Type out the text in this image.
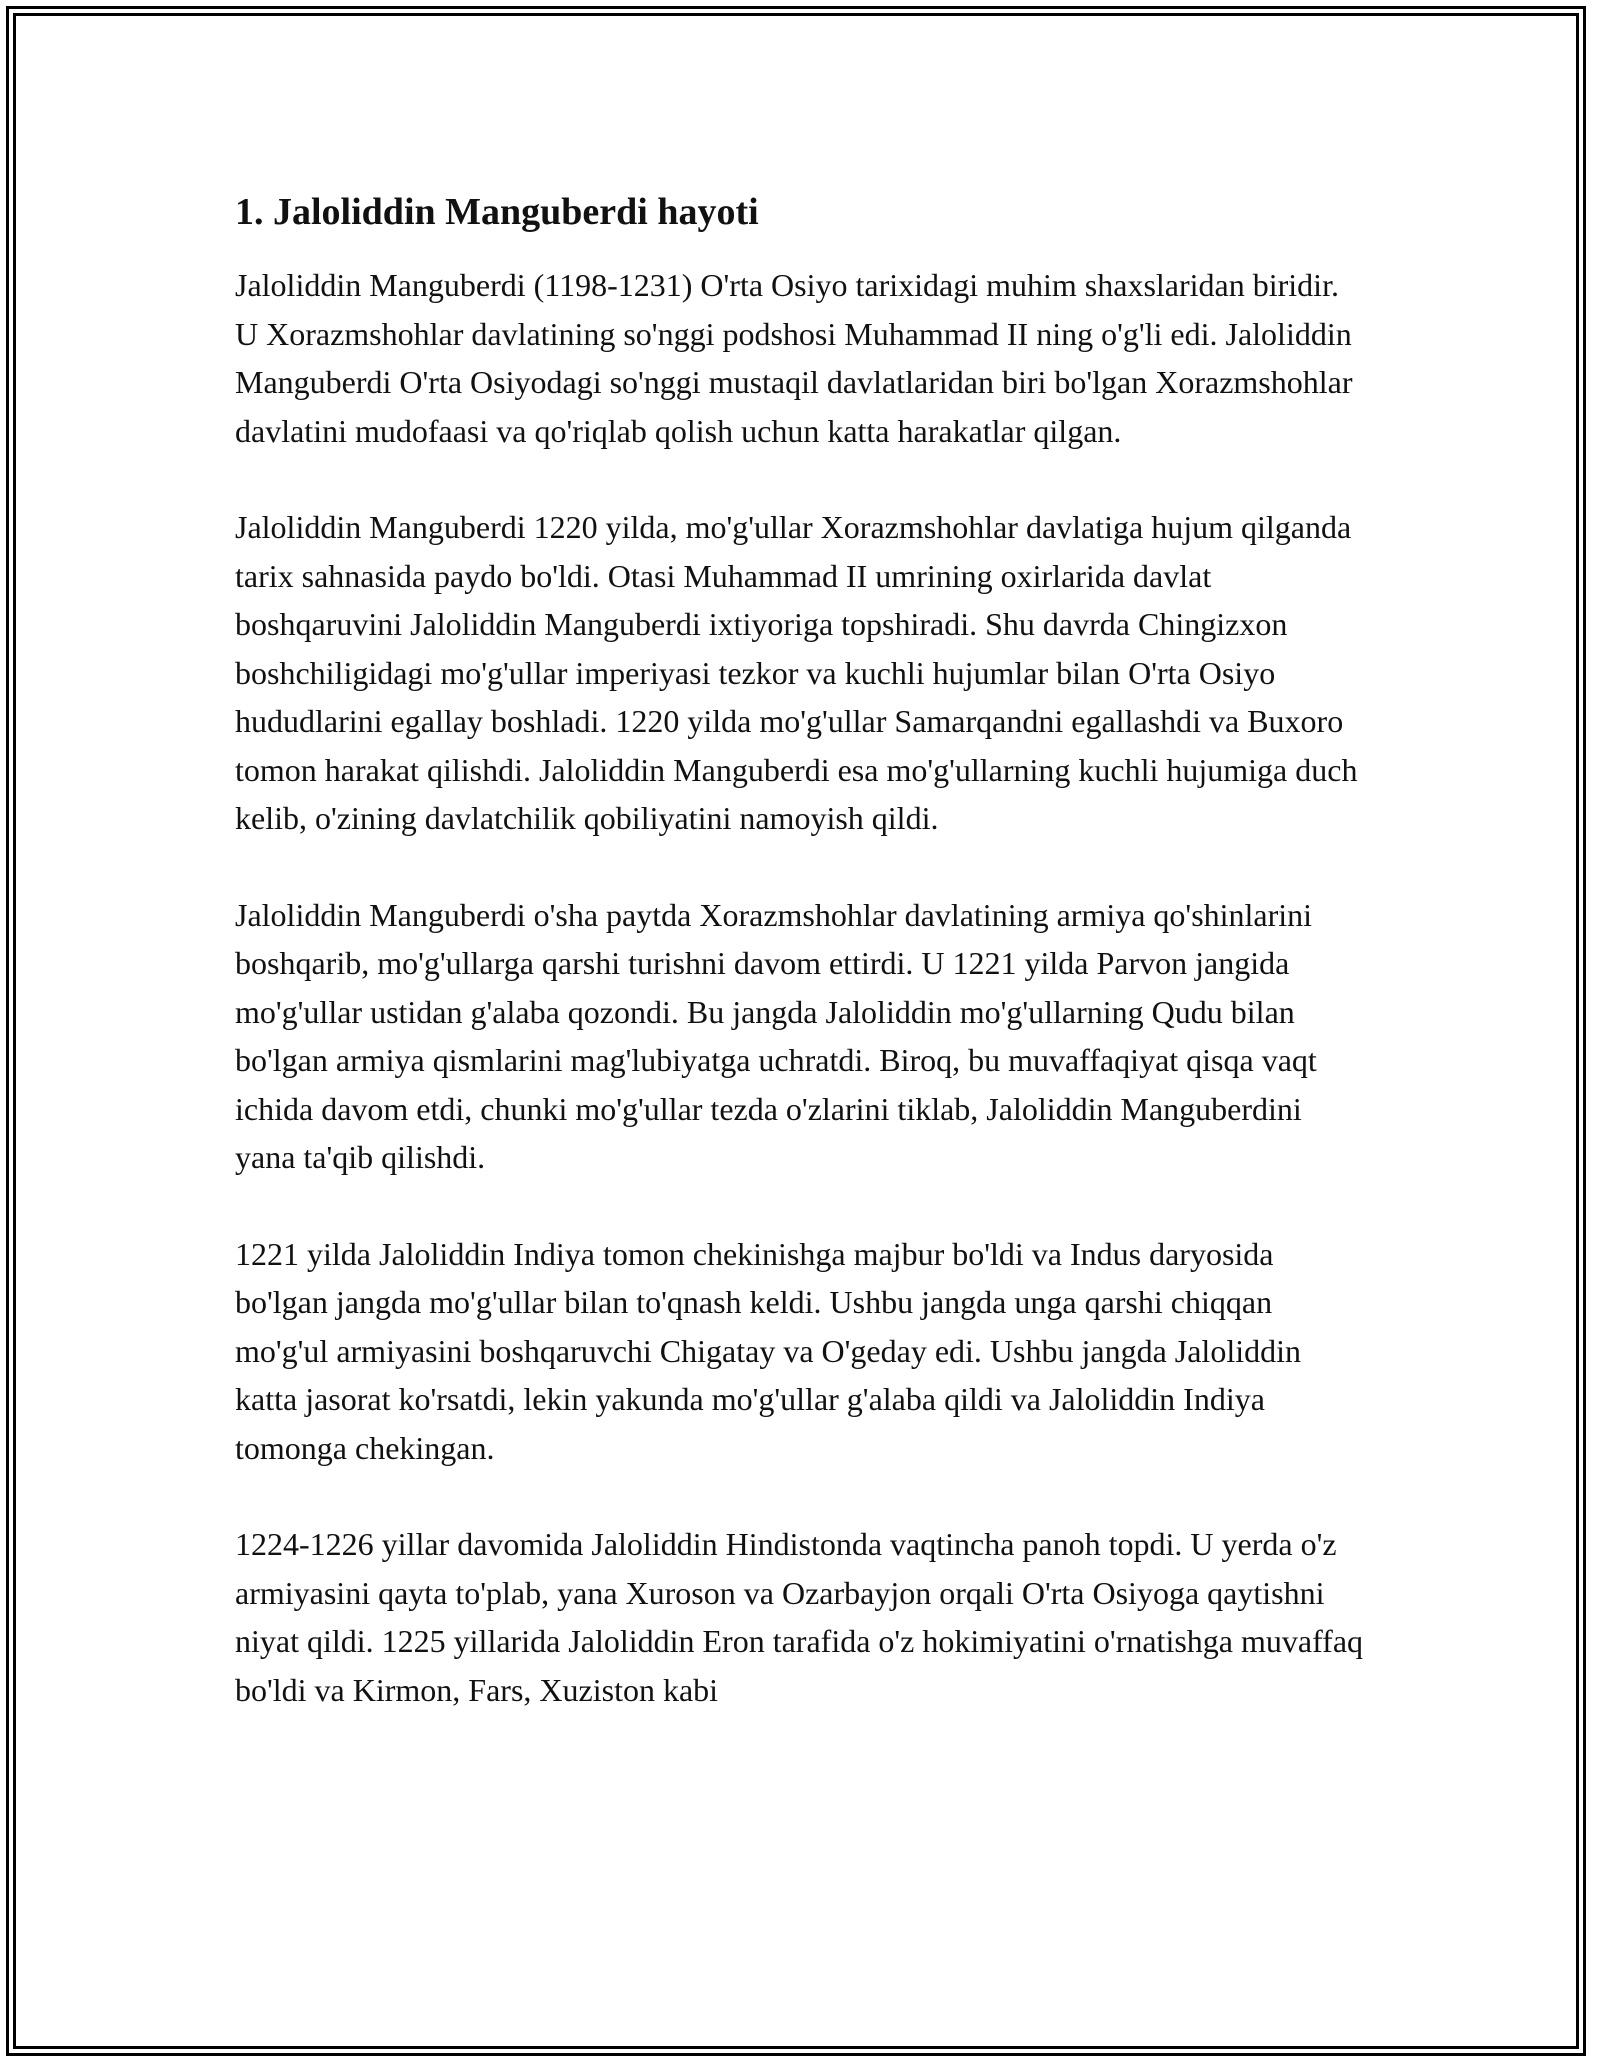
1. Jaloliddin Manguberdi hayoti

Jaloliddin Manguberdi (1198-1231) O'rta Osiyo tarixidagi muhim shaxslaridan biridir. U Xorazmshohlar davlatining so'nggi podshosi Muhammad II ning o'g'li edi. Jaloliddin Manguberdi O'rta Osiyodagi so'nggi mustaqil davlatlaridan biri bo'lgan Xorazmshohlar davlatini mudofaasi va qo'riqlab qolish uchun katta harakatlar qilgan.

Jaloliddin Manguberdi 1220 yilda, mo'g'ullar Xorazmshohlar davlatiga hujum qilganda tarix sahnasida paydo bo'ldi. Otasi Muhammad II umrining oxirlarida davlat boshqaruvini Jaloliddin Manguberdi ixtiyoriga topshiradi. Shu davrda Chingizxon boshchiligidagi mo'g'ullar imperiyasi tezkor va kuchli hujumlar bilan O'rta Osiyo hududlarini egallay boshladi. 1220 yilda mo'g'ullar Samarqandni egallashdi va Buxoro tomon harakat qilishdi. Jaloliddin Manguberdi esa mo'g'ullarning kuchli hujumiga duch kelib, o'zining davlatchilik qobiliyatini namoyish qildi.

Jaloliddin Manguberdi o'sha paytda Xorazmshohlar davlatining armiya qo'shinlarini boshqarib, mo'g'ullarga qarshi turishni davom ettirdi. U 1221 yilda Parvon jangida mo'g'ullar ustidan g'alaba qozondi. Bu jangda Jaloliddin mo'g'ullarning Qudu bilan bo'lgan armiya qismlarini mag'lubiyatga uchratdi. Biroq, bu muvaffaqiyat qisqa vaqt ichida davom etdi, chunki mo'g'ullar tezda o'zlarini tiklab, Jaloliddin Manguberdini yana ta'qib qilishdi.

1221 yilda Jaloliddin Indiya tomon chekinishga majbur bo'ldi va Indus daryosida bo'lgan jangda mo'g'ullar bilan to'qnash keldi. Ushbu jangda unga qarshi chiqqan mo'g'ul armiyasini boshqaruvchi Chigatay va O'geday edi. Ushbu jangda Jaloliddin katta jasorat ko'rsatdi, lekin yakunda mo'g'ullar g'alaba qildi va Jaloliddin Indiya tomonga chekingan.

1224-1226 yillar davomida Jaloliddin Hindistonda vaqtincha panoh topdi. U yerda o'z armiyasini qayta to'plab, yana Xuroson va Ozarbayjon orqali O'rta Osiyoga qaytishni niyat qildi. 1225 yillarida Jaloliddin Eron tarafida o'z hokimiyatini o'rnatishga muvaffaq bo'ldi va Kirmon, Fars, Xuziston kabi
